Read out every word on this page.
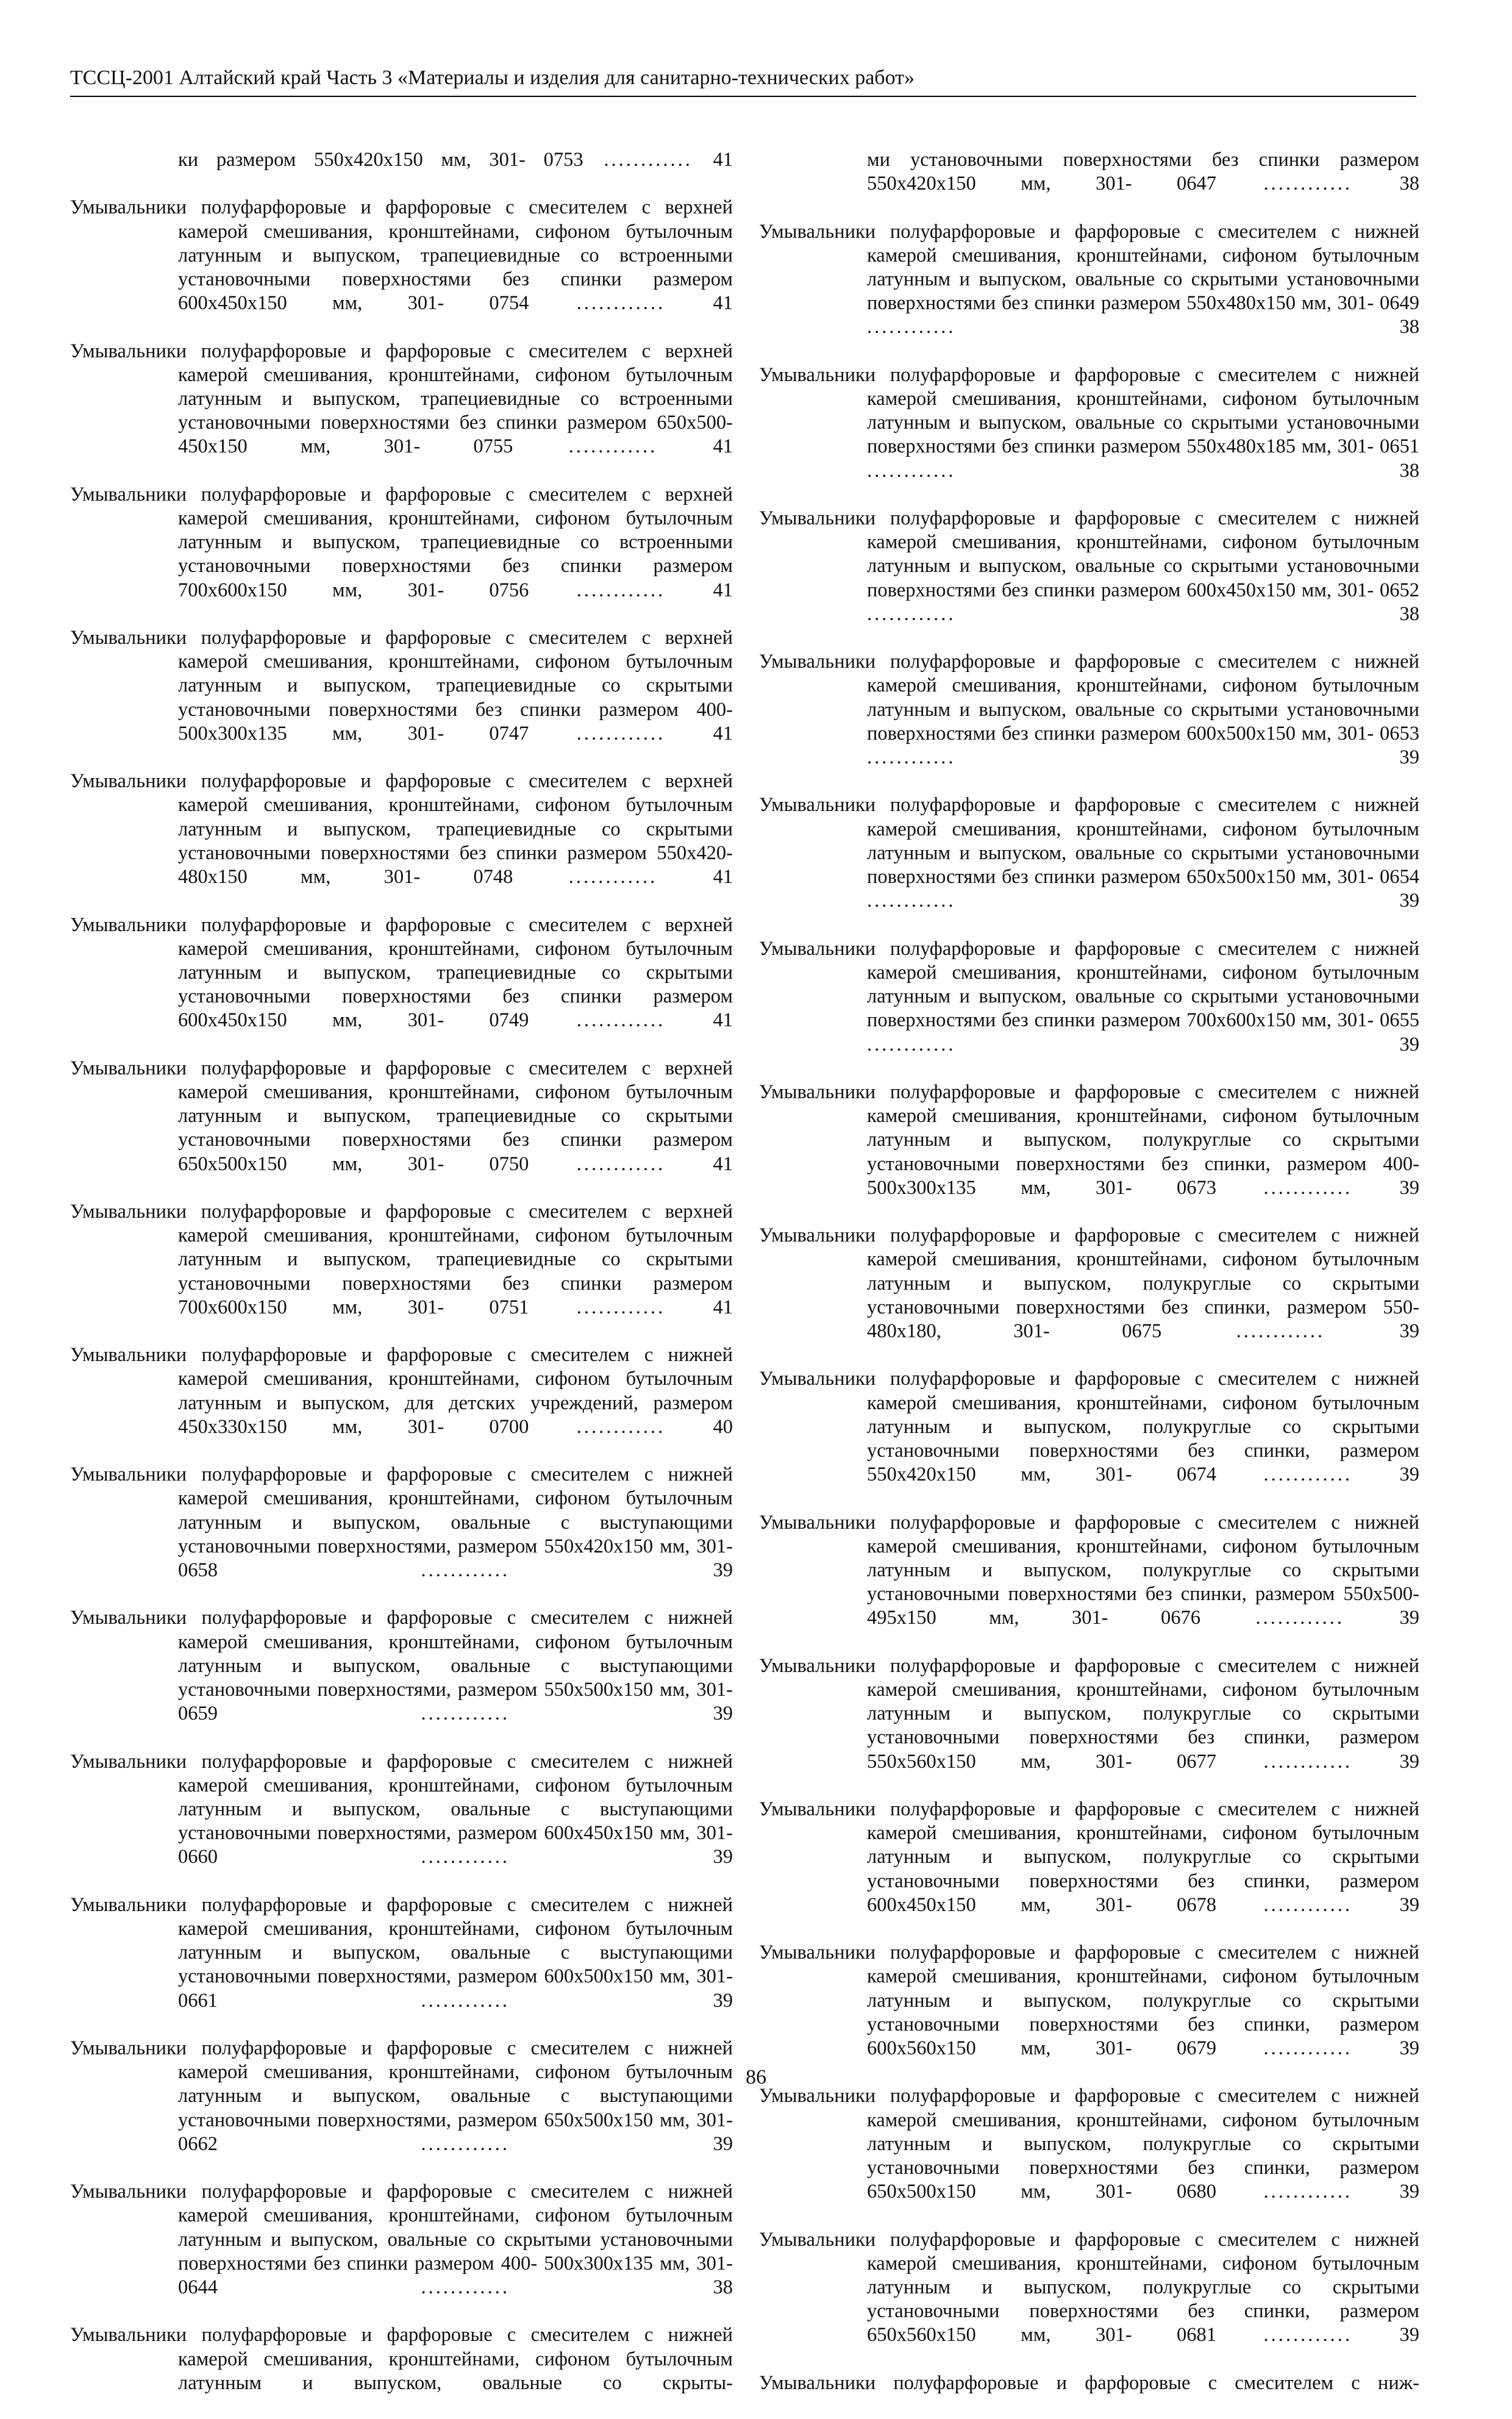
ТССЦ-2001 Алтайский край Часть 3 «Материалы и изделия для санитарно-технических работ»

ки размером 550х420х150 мм, 301- 0753 ............ 41

Умывальники полуфарфоровые и фарфоровые с смесителем с верхней камерой смешивания, кронштейнами, сифоном бутылочным латунным и выпуском, трапециевидные со встроенными установочными поверхностями без спинки размером 600х450х150 мм, 301- 0754 ............ 41

Умывальники полуфарфоровые и фарфоровые с смесителем с верхней камерой смешивания, кронштейнами, сифоном бутылочным латунным и выпуском, трапециевидные со встроенными установочными поверхностями без спинки размером 650х500- 450х150 мм, 301- 0755 ............ 41

Умывальники полуфарфоровые и фарфоровые с смесителем с верхней камерой смешивания, кронштейнами, сифоном бутылочным латунным и выпуском, трапециевидные со встроенными установочными поверхностями без спинки размером 700х600х150 мм, 301- 0756 ............ 41

Умывальники полуфарфоровые и фарфоровые с смесителем с верхней камерой смешивания, кронштейнами, сифоном бутылочным латунным и выпуском, трапециевидные со скрытыми установочными поверхностями без спинки размером 400- 500х300х135 мм, 301- 0747 ............ 41

Умывальники полуфарфоровые и фарфоровые с смесителем с верхней камерой смешивания, кронштейнами, сифоном бутылочным латунным и выпуском, трапециевидные со скрытыми установочными поверхностями без спинки размером 550х420- 480х150 мм, 301- 0748 ............ 41

Умывальники полуфарфоровые и фарфоровые с смесителем с верхней камерой смешивания, кронштейнами, сифоном бутылочным латунным и выпуском, трапециевидные со скрытыми установочными поверхностями без спинки размером 600х450х150 мм, 301- 0749 ............ 41

Умывальники полуфарфоровые и фарфоровые с смесителем с верхней камерой смешивания, кронштейнами, сифоном бутылочным латунным и выпуском, трапециевидные со скрытыми установочными поверхностями без спинки размером 650х500х150 мм, 301- 0750 ............ 41

Умывальники полуфарфоровые и фарфоровые с смесителем с верхней камерой смешивания, кронштейнами, сифоном бутылочным латунным и выпуском, трапециевидные со скрытыми установочными поверхностями без спинки размером 700х600х150 мм, 301- 0751 ............ 41

Умывальники полуфарфоровые и фарфоровые с смесителем с нижней камерой смешивания, кронштейнами, сифоном бутылочным латунным и выпуском, для детских учреждений, размером 450х330х150 мм, 301- 0700 ............ 40

Умывальники полуфарфоровые и фарфоровые с смесителем с нижней камерой смешивания, кронштейнами, сифоном бутылочным латунным и выпуском, овальные с выступающими установочными поверхностями, размером 550х420х150 мм, 301- 0658 ............ 39

Умывальники полуфарфоровые и фарфоровые с смесителем с нижней камерой смешивания, кронштейнами, сифоном бутылочным латунным и выпуском, овальные с выступающими установочными поверхностями, размером 550х500х150 мм, 301- 0659 ............ 39

Умывальники полуфарфоровые и фарфоровые с смесителем с нижней камерой смешивания, кронштейнами, сифоном бутылочным латунным и выпуском, овальные с выступающими установочными поверхностями, размером 600х450х150 мм, 301- 0660 ............ 39

Умывальники полуфарфоровые и фарфоровые с смесителем с нижней камерой смешивания, кронштейнами, сифоном бутылочным латунным и выпуском, овальные с выступающими установочными поверхностями, размером 600х500х150 мм, 301- 0661 ............ 39

Умывальники полуфарфоровые и фарфоровые с смесителем с нижней камерой смешивания, кронштейнами, сифоном бутылочным латунным и выпуском, овальные с выступающими установочными поверхностями, размером 650х500х150 мм, 301- 0662 ............ 39

Умывальники полуфарфоровые и фарфоровые с смесителем с нижней камерой смешивания, кронштейнами, сифоном бутылочным латунным и выпуском, овальные со скрытыми установочными поверхностями без спинки размером 400- 500х300х135 мм, 301- 0644 ............ 38

Умывальники полуфарфоровые и фарфоровые с смесителем с нижней камерой смешивания, кронштейнами, сифоном бутылочным латунным и выпуском, овальные со скрыты-

ми установочными поверхностями без спинки размером 550х420х150 мм, 301- 0647 ............ 38

Умывальники полуфарфоровые и фарфоровые с смесителем с нижней камерой смешивания, кронштейнами, сифоном бутылочным латунным и выпуском, овальные со скрытыми установочными поверхностями без спинки размером 550х480х150 мм, 301- 0649 ............ 38

Умывальники полуфарфоровые и фарфоровые с смесителем с нижней камерой смешивания, кронштейнами, сифоном бутылочным латунным и выпуском, овальные со скрытыми установочными поверхностями без спинки размером 550х480х185 мм, 301- 0651 ............ 38

Умывальники полуфарфоровые и фарфоровые с смесителем с нижней камерой смешивания, кронштейнами, сифоном бутылочным латунным и выпуском, овальные со скрытыми установочными поверхностями без спинки размером 600х450х150 мм, 301- 0652 ............ 38

Умывальники полуфарфоровые и фарфоровые с смесителем с нижней камерой смешивания, кронштейнами, сифоном бутылочным латунным и выпуском, овальные со скрытыми установочными поверхностями без спинки размером 600х500х150 мм, 301- 0653 ............ 39

Умывальники полуфарфоровые и фарфоровые с смесителем с нижней камерой смешивания, кронштейнами, сифоном бутылочным латунным и выпуском, овальные со скрытыми установочными поверхностями без спинки размером 650х500х150 мм, 301- 0654 ............ 39

Умывальники полуфарфоровые и фарфоровые с смесителем с нижней камерой смешивания, кронштейнами, сифоном бутылочным латунным и выпуском, овальные со скрытыми установочными поверхностями без спинки размером 700х600х150 мм, 301- 0655 ............ 39

Умывальники полуфарфоровые и фарфоровые с смесителем с нижней камерой смешивания, кронштейнами, сифоном бутылочным латунным и выпуском, полукруглые со скрытыми установочными поверхностями без спинки, размером 400- 500х300х135 мм, 301- 0673 ............ 39

Умывальники полуфарфоровые и фарфоровые с смесителем с нижней камерой смешивания, кронштейнами, сифоном бутылочным латунным и выпуском, полукруглые со скрытыми установочными поверхностями без спинки, размером 550- 480х180, 301- 0675 ............ 39

Умывальники полуфарфоровые и фарфоровые с смесителем с нижней камерой смешивания, кронштейнами, сифоном бутылочным латунным и выпуском, полукруглые со скрытыми установочными поверхностями без спинки, размером 550х420х150 мм, 301- 0674 ............ 39

Умывальники полуфарфоровые и фарфоровые с смесителем с нижней камерой смешивания, кронштейнами, сифоном бутылочным латунным и выпуском, полукруглые со скрытыми установочными поверхностями без спинки, размером 550х500- 495х150 мм, 301- 0676 ............ 39

Умывальники полуфарфоровые и фарфоровые с смесителем с нижней камерой смешивания, кронштейнами, сифоном бутылочным латунным и выпуском, полукруглые со скрытыми установочными поверхностями без спинки, размером 550х560х150 мм, 301- 0677 ............ 39

Умывальники полуфарфоровые и фарфоровые с смесителем с нижней камерой смешивания, кронштейнами, сифоном бутылочным латунным и выпуском, полукруглые со скрытыми установочными поверхностями без спинки, размером 600х450х150 мм, 301- 0678 ............ 39

Умывальники полуфарфоровые и фарфоровые с смесителем с нижней камерой смешивания, кронштейнами, сифоном бутылочным латунным и выпуском, полукруглые со скрытыми установочными поверхностями без спинки, размером 600х560х150 мм, 301- 0679 ............ 39

Умывальники полуфарфоровые и фарфоровые с смесителем с нижней камерой смешивания, кронштейнами, сифоном бутылочным латунным и выпуском, полукруглые со скрытыми установочными поверхностями без спинки, размером 650х500х150 мм, 301- 0680 ............ 39

Умывальники полуфарфоровые и фарфоровые с смесителем с нижней камерой смешивания, кронштейнами, сифоном бутылочным латунным и выпуском, полукруглые со скрытыми установочными поверхностями без спинки, размером 650х560х150 мм, 301- 0681 ............ 39

Умывальники полуфарфоровые и фарфоровые с смесителем с ниж-

86
